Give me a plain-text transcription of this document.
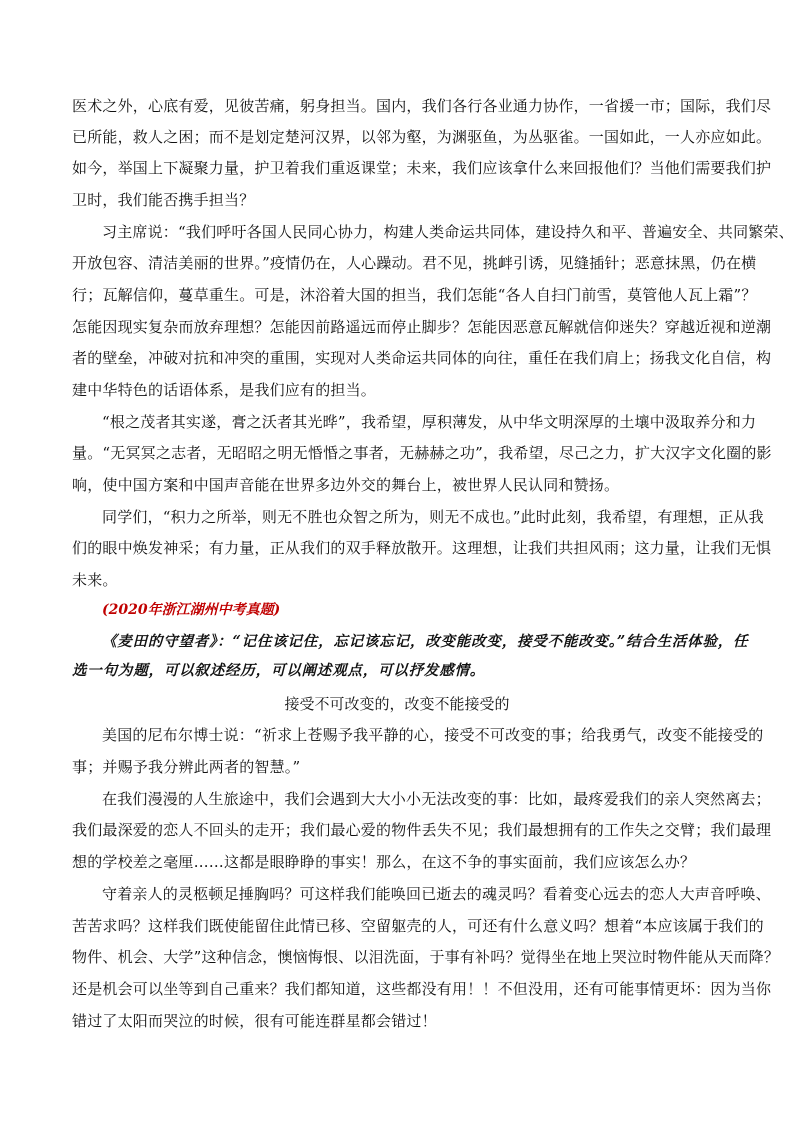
医术之外，心底有爱，见彼苦痛，躬身担当。国内，我们各行各业通力协作，一省援一市；国际，我们尽
已所能，救人之困；而不是划定楚河汉界，以邻为壑，为渊驱鱼，为丛驱雀。一国如此，一人亦应如此。
如今，举国上下凝聚力量，护卫着我们重返课堂；未来，我们应该拿什么来回报他们？当他们需要我们护
卫时，我们能否携手担当？
习主席说：“我们呼吁各国人民同心协力，构建人类命运共同体，建设持久和平、普遍安全、共同繁荣、
开放包容、清洁美丽的世界。”疫情仍在，人心躁动。君不见，挑衅引诱，见缝插针；恶意抹黑，仍在横
行；瓦解信仰，蔓草重生。可是，沐浴着大国的担当，我们怎能“各人自扫门前雪，莫管他人瓦上霜”？
怎能因现实复杂而放弃理想？怎能因前路遥远而停止脚步？怎能因恶意瓦解就信仰迷失？穿越近视和逆潮
者的壁垒，冲破对抗和冲突的重围，实现对人类命运共同体的向往，重任在我们肩上；扬我文化自信，构
建中华特色的话语体系，是我们应有的担当。
“根之茂者其实遂，膏之沃者其光晔”，我希望，厚积薄发，从中华文明深厚的土壤中汲取养分和力
量。“无冥冥之志者，无昭昭之明无惛惛之事者，无赫赫之功”，我希望，尽己之力，扩大汉字文化圈的影
响，使中国方案和中国声音能在世界多边外交的舞台上，被世界人民认同和赞扬。
同学们，“积力之所举，则无不胜也众智之所为，则无不成也。”此时此刻，我希望，有理想，正从我
们的眼中焕发神采；有力量，正从我们的双手释放散开。这理想，让我们共担风雨；这力量，让我们无惧
未来。
(2020年浙江湖州中考真题)
《麦田的守望者》：“记住该记住，忘记该忘记，改变能改变，接受不能改变。”结合生活体验，任
选一句为题，可以叙述经历，可以阐述观点，可以抒发感情。
接受不可改变的，改变不能接受的
美国的尼布尔博士说：“祈求上苍赐予我平静的心，接受不可改变的事；给我勇气，改变不能接受的
事；并赐予我分辨此两者的智慧。”
在我们漫漫的人生旅途中，我们会遇到大大小小无法改变的事：比如，最疼爱我们的亲人突然离去；
我们最深爱的恋人不回头的走开；我们最心爱的物件丢失不见；我们最想拥有的工作失之交臂；我们最理
想的学校差之毫厘……这都是眼睁睁的事实！那么，在这不争的事实面前，我们应该怎么办？
守着亲人的灵柩顿足捶胸吗？可这样我们能唤回已逝去的魂灵吗？看着变心远去的恋人大声音呼唤、
苦苦求吗？这样我们既使能留住此情已移、空留躯壳的人，可还有什么意义吗？想着“本应该属于我们的
物件、机会、大学”这种信念，懊恼悔恨、以泪洗面，于事有补吗？觉得坐在地上哭泣时物件能从天而降？
还是机会可以坐等到自己重来？我们都知道，这些都没有用！！不但没用，还有可能事情更坏：因为当你
错过了太阳而哭泣的时候，很有可能连群星都会错过！
